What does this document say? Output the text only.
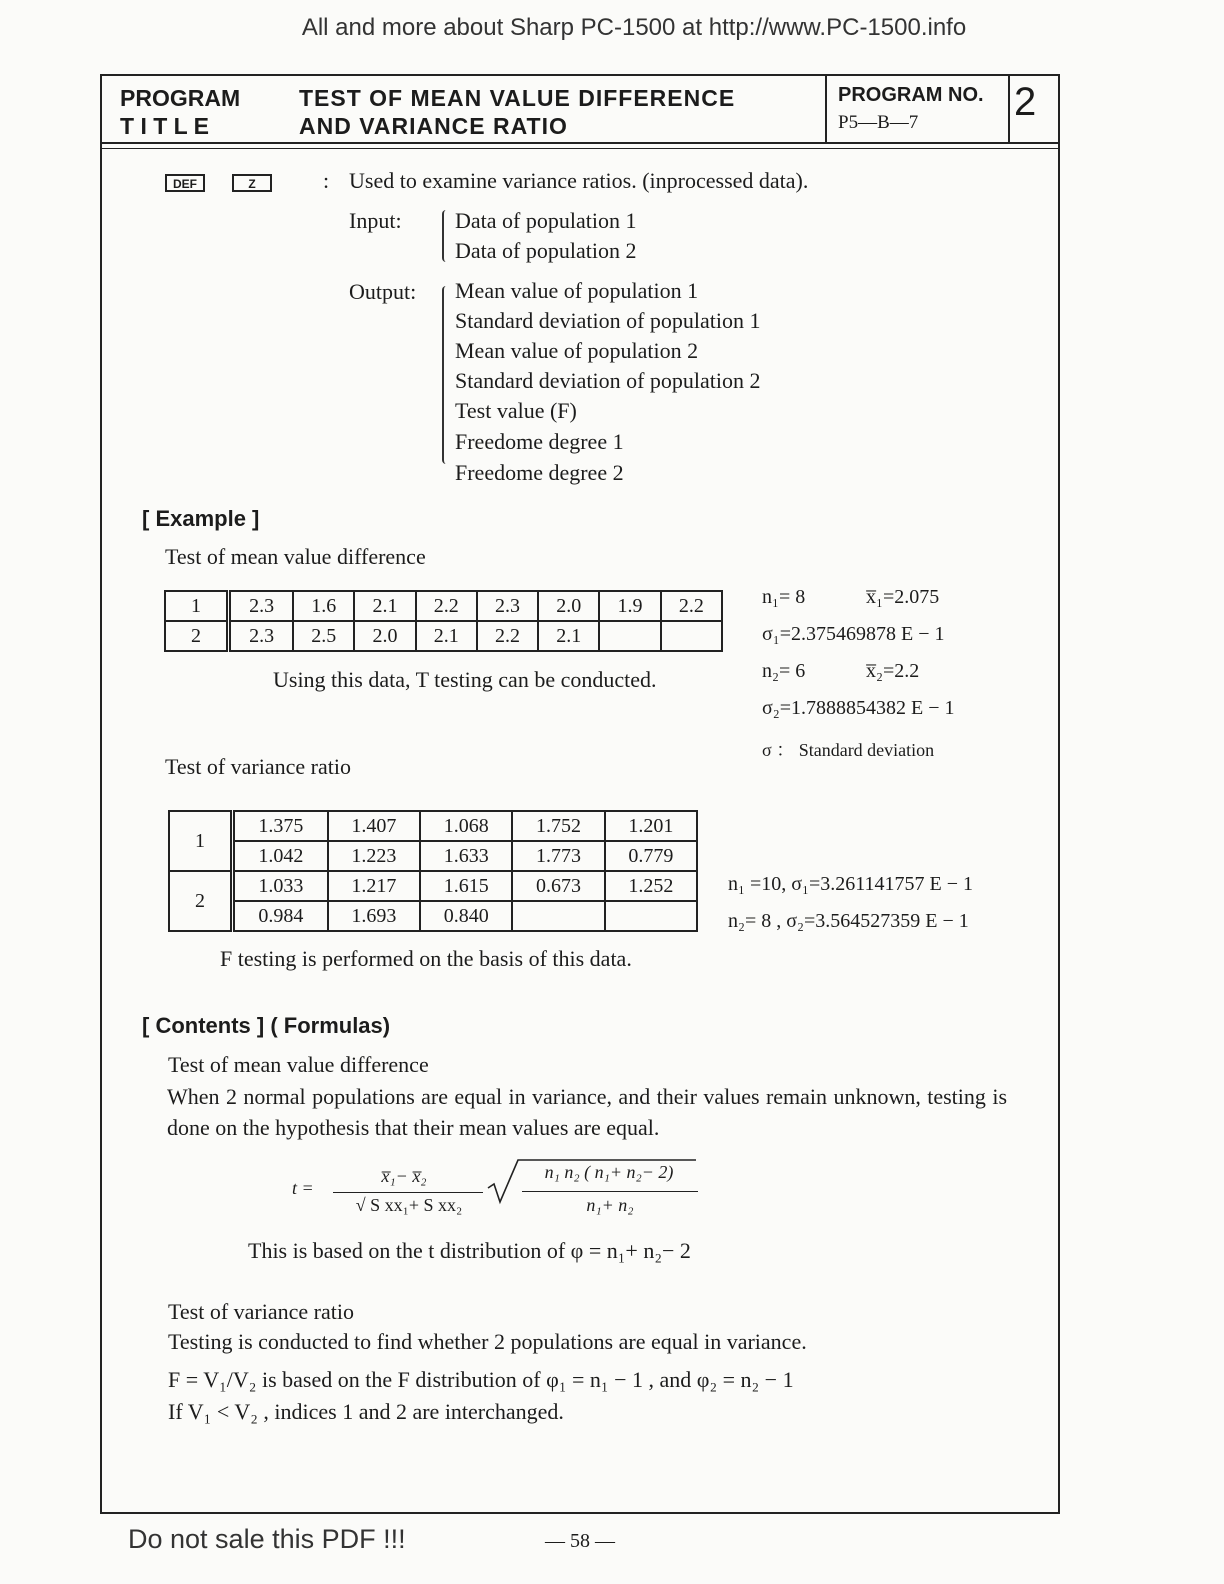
All and more about Sharp PC-1500 at http://www.PC-1500.info
PROGRAM
T I T L E
TEST OF MEAN VALUE DIFFERENCE
AND VARIANCE RATIO
PROGRAM NO.
P5—B—7 2
DEF	Z	: Used to examine variance ratios. (inprocessed data).
Input: Data of population 1
Data of population 2
Output: Mean value of population 1
Standard deviation of population 1
Mean value of population 2
Standard deviation of population 2
Test value (F)
Freedome degree 1
Freedome degree 2
[ Example ]
Test of mean value difference
1	2.3	1.6	2.1	2.2	2.3	2.0	1.9	2.2
2	2.3	2.5	2.0	2.1	2.2	2.1		
n₁= 8	x̅₁=2.075
σ₁=2.375469878 E − 1
n₂= 6	x̅₂=2.2
σ₂=1.7888854382 E − 1
σ ： Standard deviation
Using this data, T testing can be conducted.
Test of variance ratio
1	1.375	1.407	1.068	1.752	1.201
	1.042	1.223	1.633	1.773	0.779
2	1.033	1.217	1.615	0.673	1.252
	0.984	1.693	0.840		
n₁ =10, σ₁=3.261141757 E − 1
n₂= 8 , σ₂=3.564527359 E − 1
F testing is performed on the basis of this data.
[ Contents ] ( Formulas)
Test of mean value difference
When 2 normal populations are equal in variance, and their values remain unknown, testing is done on the hypothesis that their mean values are equal.
t =
x̅₁− x̅₂
√ S xx₁+ S xx₂
n₁ n₂ ( n₁+ n₂− 2)
n₁+ n₂
This is based on the t distribution of φ = n₁+ n₂− 2
Test of variance ratio
Testing is conducted to find whether 2 populations are equal in variance.
F = V₁/V₂ is based on the F distribution of φ₁ = n₁ − 1 , and φ₂ = n₂ − 1
If V₁ < V₂ , indices 1 and 2 are interchanged.
Do not sale this PDF !!!	— 58 —
